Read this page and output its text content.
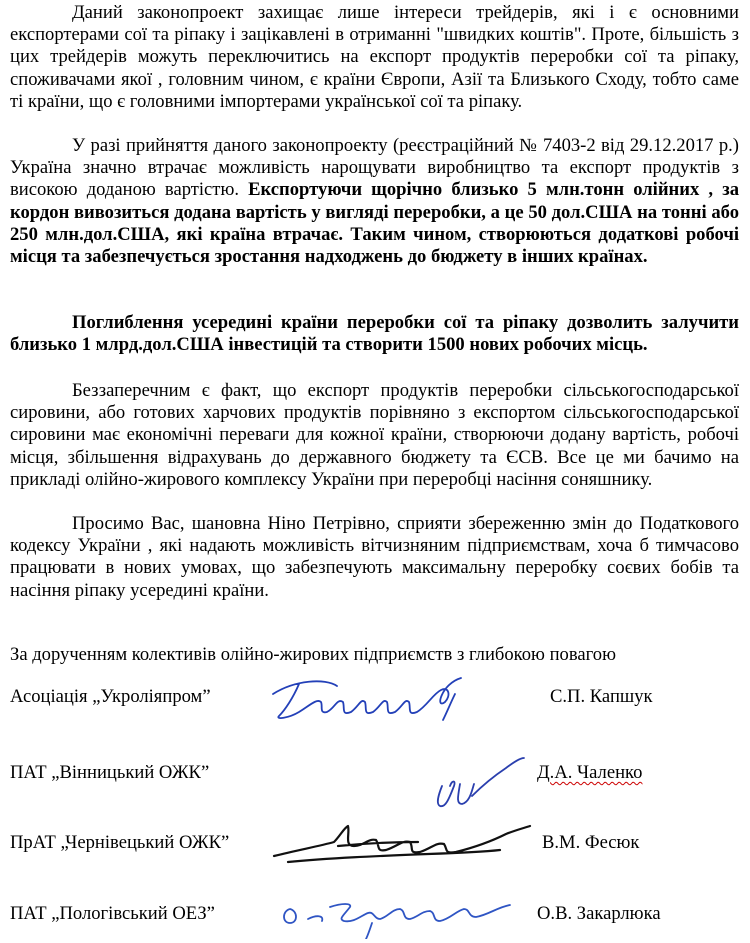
Даний законопроект захищає лише інтереси трейдерів, які і є основними експортерами сої та ріпаку і зацікавлені в отриманні "швидких коштів". Проте, більшість з цих трейдерів можуть переключитись на експорт продуктів переробки сої та ріпаку, споживачами якої , головним чином, є країни Європи, Азії та Близького Сходу, тобто саме ті країни, що є головними імпортерами української сої та ріпаку.

У разі прийняття даного законопроекту (реєстраційний № 7403-2 від 29.12.2017 р.) Україна значно втрачає можливість нарощувати виробництво та експорт продуктів з високою доданою вартістю. Експортуючи щорічно близько 5 млн.тонн олійних , за кордон вивозиться додана вартість у вигляді переробки, а це 50 дол.США на тонні або 250 млн.дол.США, які країна втрачає. Таким чином, створюються додаткові робочі місця та забезпечується зростання надходжень до бюджету в інших країнах.

Поглиблення усередині країни переробки сої та ріпаку дозволить залучити близько 1 млрд.дол.США інвестицій та створити 1500 нових робочих місць.

Беззаперечним є факт, що експорт продуктів переробки сільськогосподарської сировини, або готових харчових продуктів порівняно з експортом сільськогосподарської сировини має економічні переваги для кожної країни, створюючи додану вартість, робочі місця, збільшення відрахувань до державного бюджету та ЄСВ. Все це ми бачимо на прикладі олійно-жирового комплексу України при переробці насіння соняшнику.

Просимо Вас, шановна Ніно Петрівно, сприяти збереженню змін до Податкового кодексу України , які надають можливість вітчизняним підприємствам, хоча б тимчасово працювати в нових умовах, що забезпечують максимальну переробку соєвих бобів та насіння ріпаку усередині країни.

За дорученням колективів олійно-жирових підприємств з глибокою повагою

Асоціація „Укроліяпром”	С.П. Капшук
ПАТ „Вінницький ОЖК”	Д.А. Чаленко
ПрАТ „Чернівецький ОЖК”	В.М. Фесюк
ПАТ „Пологівський ОЕЗ”	О.В. Закарлюка
